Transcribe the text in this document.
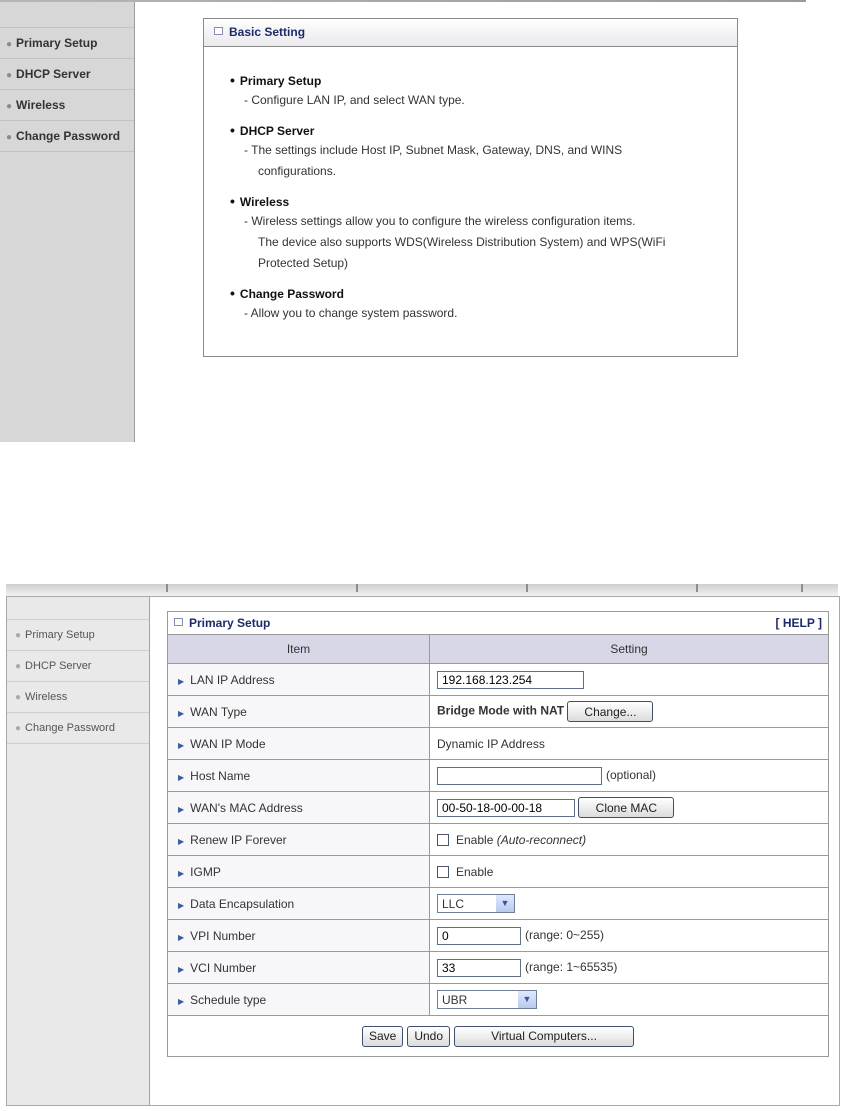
● Primary Setup
● DHCP Server
● Wireless
● Change Password
Basic Setting
• Primary Setup
- Configure LAN IP, and select WAN type.
• DHCP Server
- The settings include Host IP, Subnet Mask, Gateway, DNS, and WINS
configurations.
• Wireless
- Wireless settings allow you to configure the wireless configuration items.
The device also supports WDS(Wireless Distribution System) and WPS(WiFi
Protected Setup)
• Change Password
- Allow you to change system password.
● Primary Setup
● DHCP Server
● Wireless
● Change Password
Primary Setup [ HELP ]	

Item	Setting
▶ LAN IP Address	192.168.123.254
▶ WAN Type	Bridge Mode with NAT Change...
▶ WAN IP Mode	Dynamic IP Address
▶ Host Name	(optional)
▶ WAN's MAC Address	00-50-18-00-00-18Clone MAC
▶ Renew IP Forever	Enable (Auto-reconnect)
▶ IGMP	Enable
▶ Data Encapsulation	LLC ▼

▶ VPI Number	0(range: 0~255)
▶ VCI Number	33(range: 1~65535)
▶ Schedule type	UBR ▼

Save Undo Virtual Computers...	
